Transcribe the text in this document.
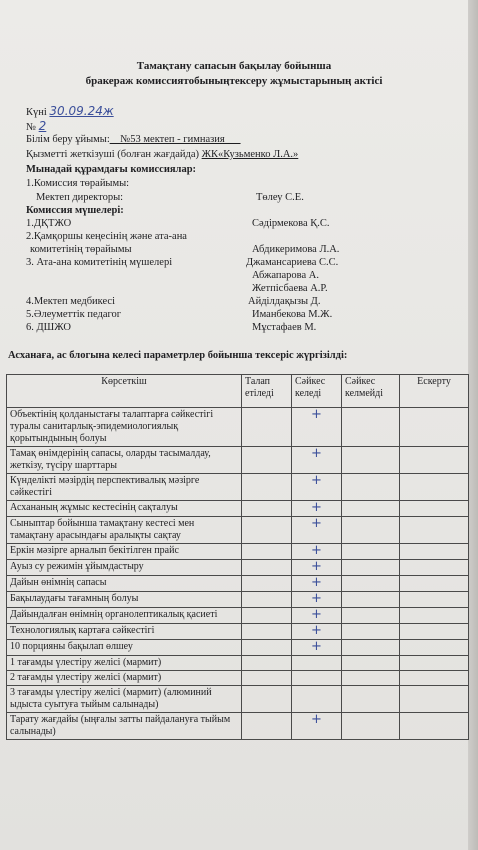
Тамақтану сапасын бақылау бойынша
бракераж комиссиятобыныңтексеру жұмыстарының актісі
Күні 30.09.24ж
№ 2
Білім беру ұйымы:__№53 мектеп - гимназия___
Қызметті жеткізуші (болған жағдайда) ЖК«Кузьменко Л.А.»
Мынадай құрамдағы комиссиялар:
1.Комиссия төрайымы:
Мектеп директоры:	Төлеу С.Е.
Комиссия мүшелері:
1.ДҚТЖО	Сәдірмекова Қ.С.
2.Қамқоршы кеңесінің және ата-ана
комитетінің төрайымы	Абдикеримова Л.А.
3. Ата-ана комитетінің мүшелері	Джамансариева С.С.
Абжапарова А.
Жетпісбаева А.Р.
4.Мектеп медбикесі	Айділдақызы Д.
5.Әлеуметтік педагог	Иманбекова М.Ж.
6. ДШЖО	Мұстафаев М.
Асханаға, ас блогына келесі параметрлер бойынша тексеріс жүргізілді:
Көрсеткіш	Талап етіледі	Сәйкес келеді	Сәйкес келмейді	Ескерту
Объектінің қолданыстағы талаптарға сәйкестігі туралы санитарлық-эпидемиологиялық қорытындының болуы		+		
Тамақ өнімдерінің сапасы, оларды тасымалдау, жеткізу, түсіру шарттары		+		
Күнделікті мәзірдің перспективалық мәзірге сәйкестігі		+		
Асхананың жұмыс кестесінің сақталуы		+		
Сыныптар бойынша тамақтану кестесі мен тамақтану арасындағы аралықты сақтау		+		
Еркін мәзірге арналып бекітілген прайс		+		
Ауыз су режимін ұйымдастыру		+		
Дайын өнімнің сапасы		+		
Бақылаудағы тағамның болуы		+		
Дайындалған өнімнің органолептикалық қасиеті		+		
Технологиялық картаға сәйкестігі		+		
10 порцияны бақылап өлшеу		+		
1 тағамды үлестіру желісі (мармит)				
2 тағамды үлестіру желісі (мармит)				
3 тағамды үлестіру желісі (мармит) (алюминий ыдыста суытуға тыйым салынады)				
Тарату жағдайы (ыңғалы затты пайдалануға тыйым салынады)		+		
